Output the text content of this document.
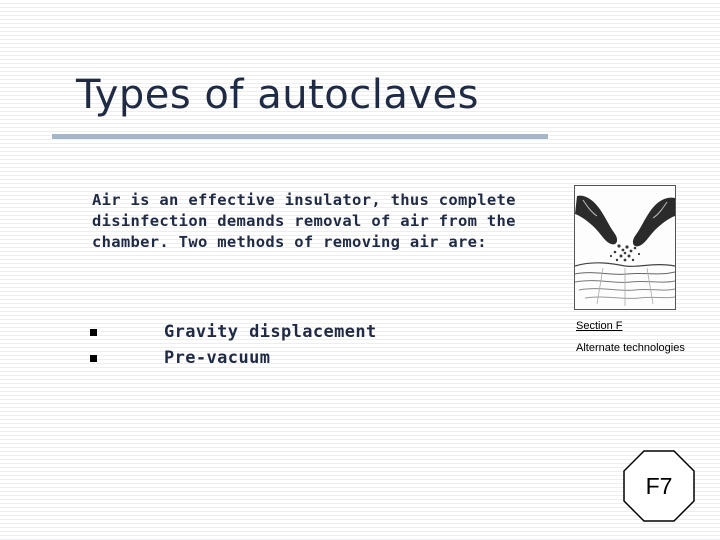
Types of autoclaves

Air is an effective insulator, thus complete disinfection demands removal of air from the chamber. Two methods of removing air are:

Gravity displacement
Pre-vacuum

Section F

Alternate technologies

F7
